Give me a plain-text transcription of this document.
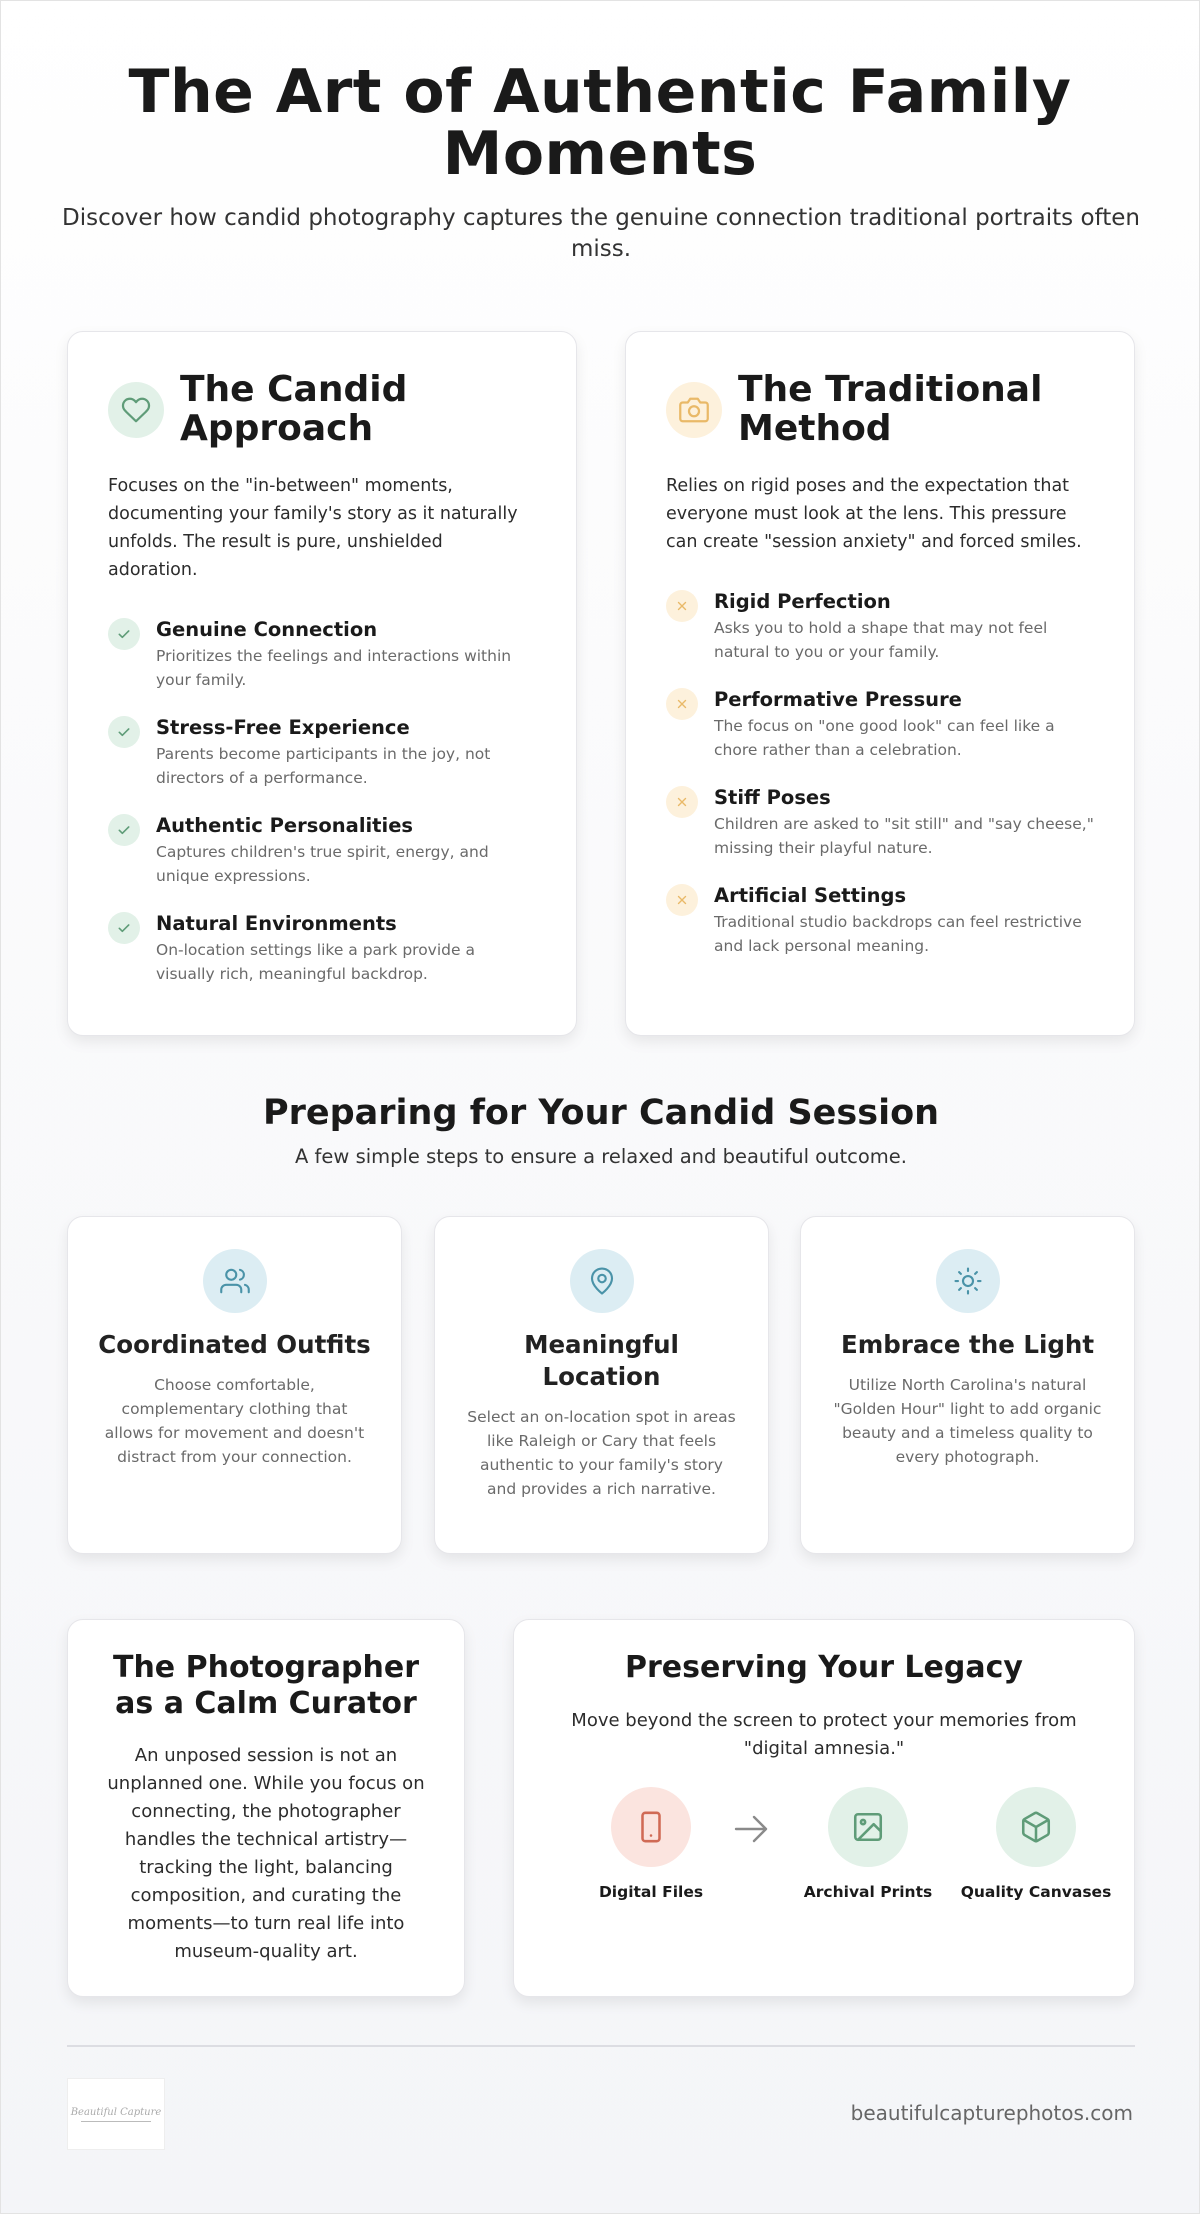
The Art of Authentic Family Moments

Discover how candid photography captures the genuine connection traditional portraits often miss.

The Candid Approach

Focuses on the "in-between" moments, documenting your family's story as it naturally unfolds. The result is pure, unshielded adoration.

Genuine Connection

Prioritizes the feelings and interactions within your family.

Stress-Free Experience

Parents become participants in the joy, not directors of a performance.

Authentic Personalities

Captures children's true spirit, energy, and unique expressions.

Natural Environments

On-location settings like a park provide a visually rich, meaningful backdrop.

The Traditional Method

Relies on rigid poses and the expectation that everyone must look at the lens. This pressure can create "session anxiety" and forced smiles.

Rigid Perfection

Asks you to hold a shape that may not feel natural to you or your family.

Performative Pressure

The focus on "one good look" can feel like a chore rather than a celebration.

Stiff Poses

Children are asked to "sit still" and "say cheese," missing their playful nature.

Artificial Settings

Traditional studio backdrops can feel restrictive and lack personal meaning.

Preparing for Your Candid Session

A few simple steps to ensure a relaxed and beautiful outcome.

Coordinated Outfits

Choose comfortable, complementary clothing that allows for movement and doesn't distract from your connection.

Meaningful Location

Select an on-location spot in areas like Raleigh or Cary that feels authentic to your family's story and provides a rich narrative.

Embrace the Light

Utilize North Carolina's natural "Golden Hour" light to add organic beauty and a timeless quality to every photograph.

The Photographer as a Calm Curator

An unposed session is not an unplanned one. While you focus on connecting, the photographer handles the technical artistry—tracking the light, balancing composition, and curating the moments—to turn real life into museum-quality art.

Preserving Your Legacy

Move beyond the screen to protect your memories from "digital amnesia."

Digital Files	Archival Prints	Quality Canvases
Beautiful Capture	beautifulcapturephotos.com
